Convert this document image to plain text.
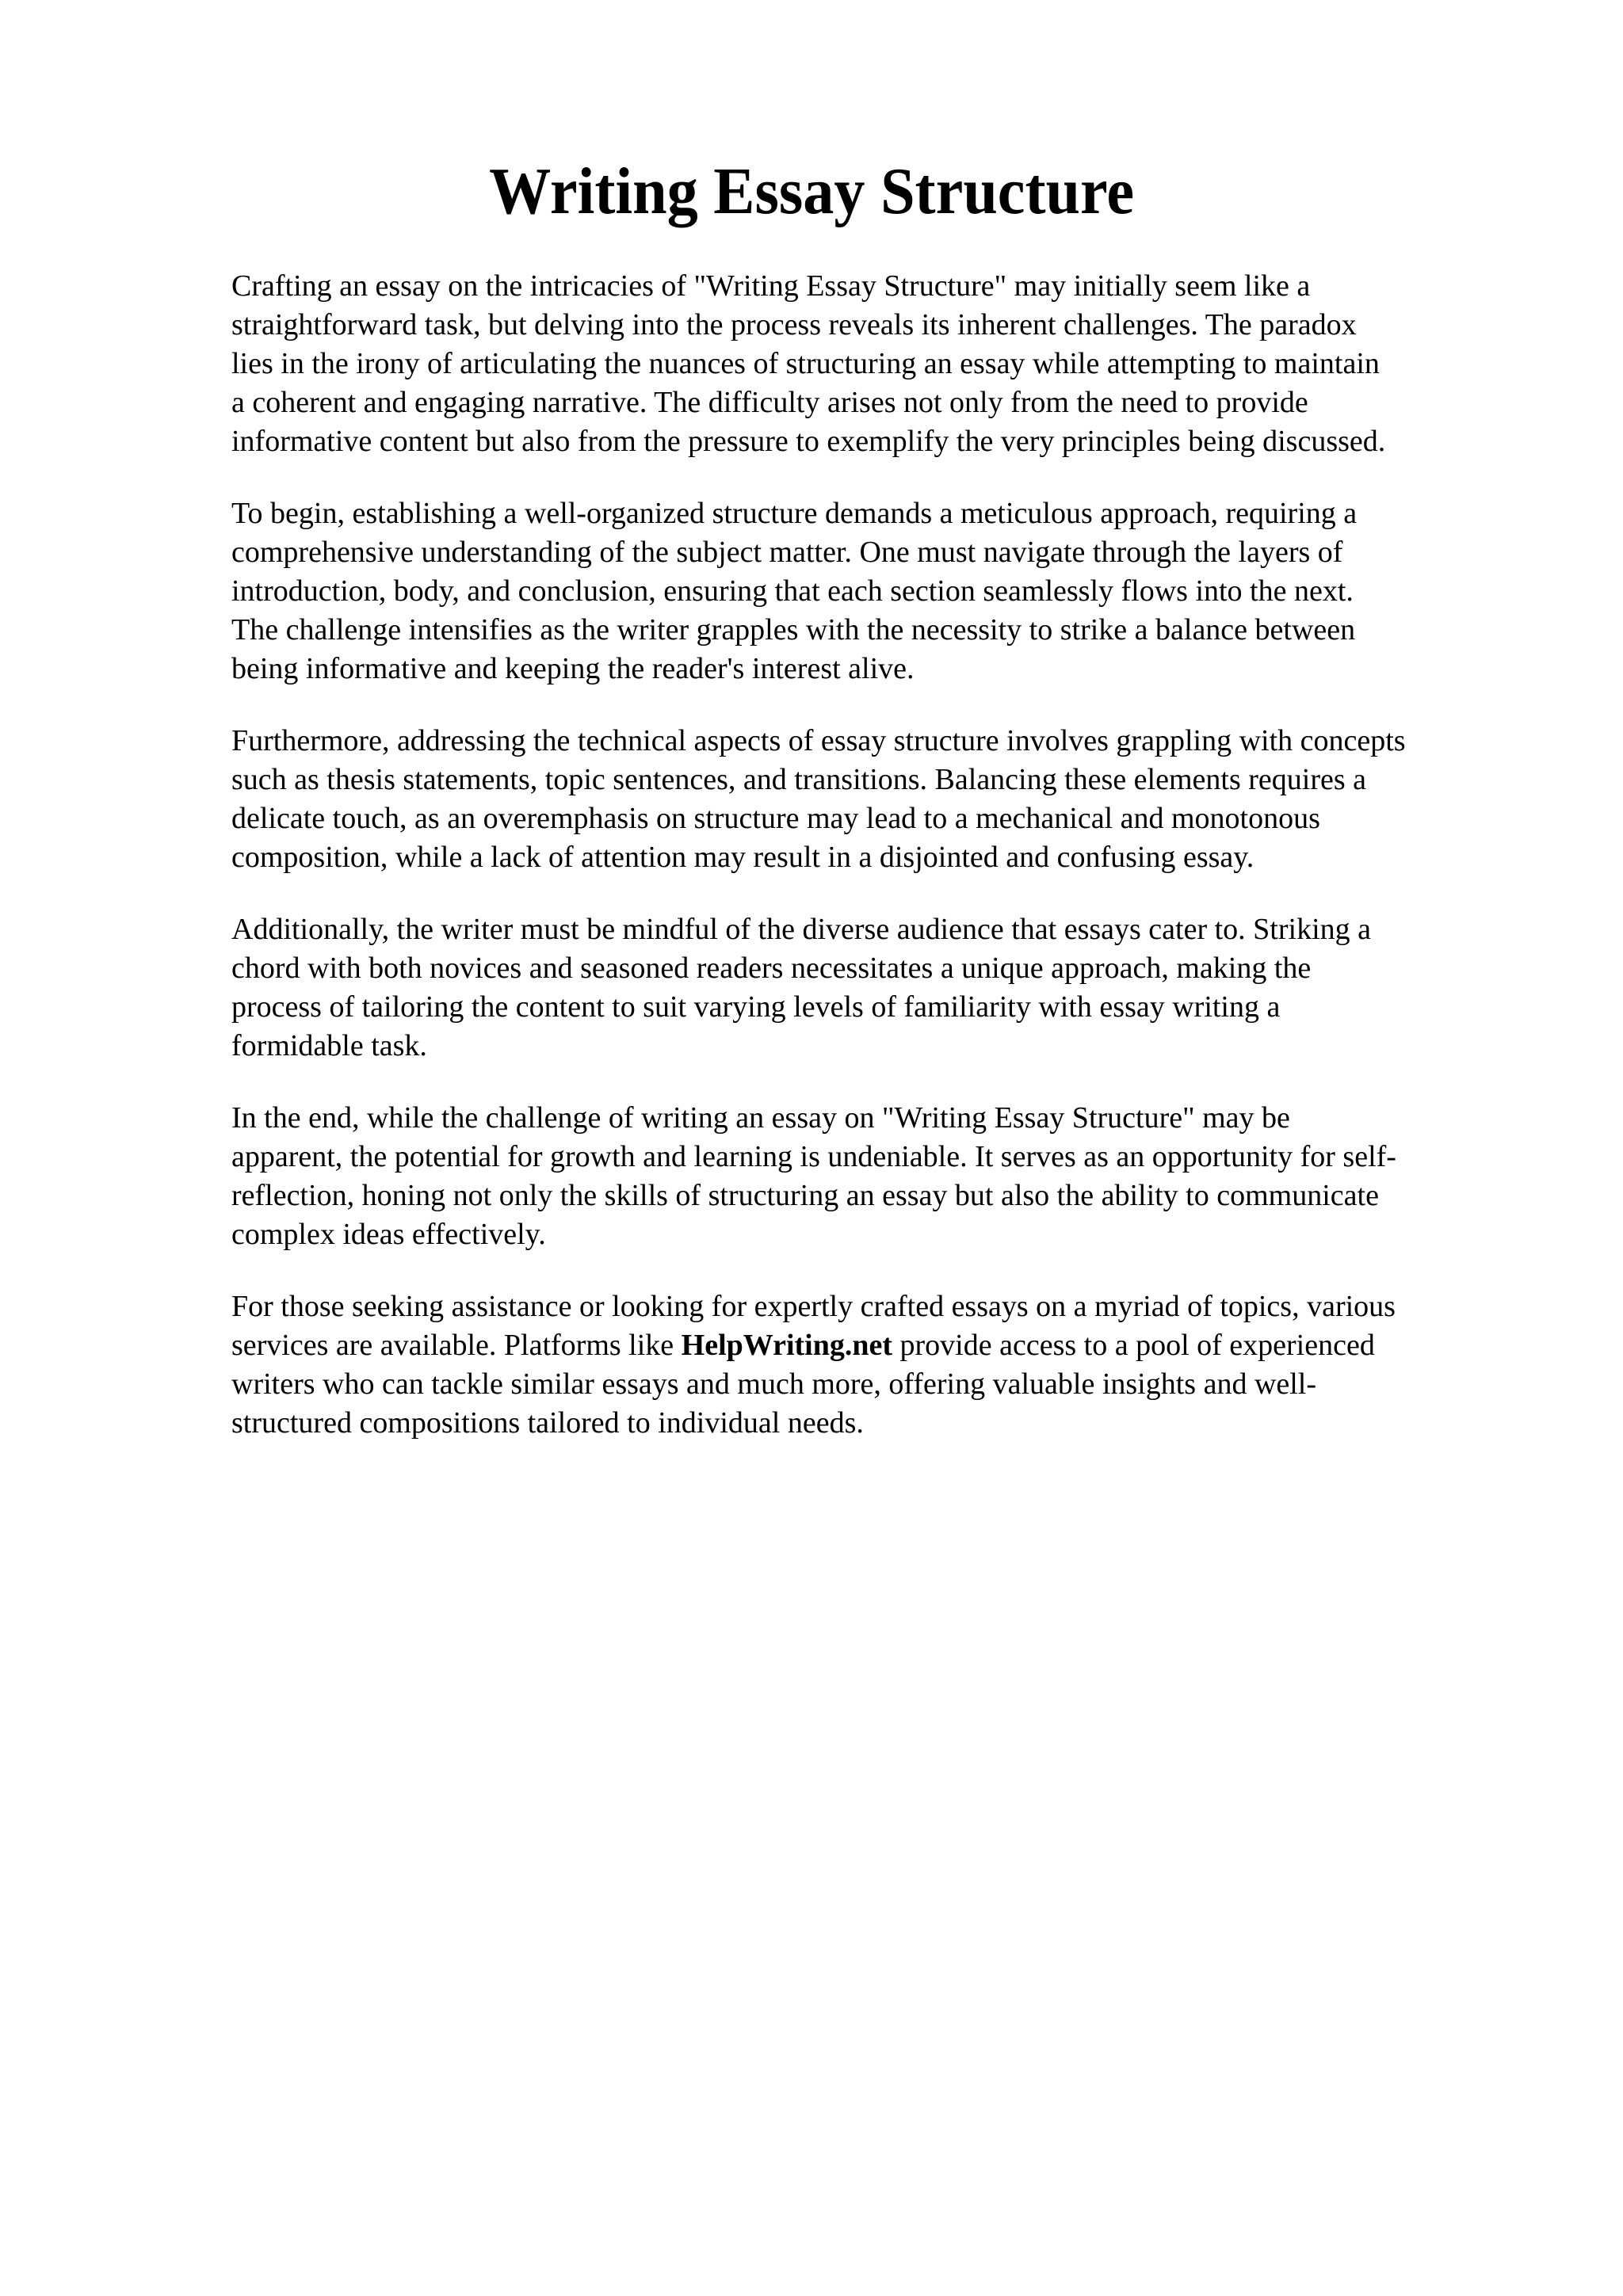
Writing Essay Structure

Crafting an essay on the intricacies of "Writing Essay Structure" may initially seem like a
straightforward task, but delving into the process reveals its inherent challenges. The paradox
lies in the irony of articulating the nuances of structuring an essay while attempting to maintain
a coherent and engaging narrative. The difficulty arises not only from the need to provide
informative content but also from the pressure to exemplify the very principles being discussed.

To begin, establishing a well-organized structure demands a meticulous approach, requiring a
comprehensive understanding of the subject matter. One must navigate through the layers of
introduction, body, and conclusion, ensuring that each section seamlessly flows into the next.
The challenge intensifies as the writer grapples with the necessity to strike a balance between
being informative and keeping the reader's interest alive.

Furthermore, addressing the technical aspects of essay structure involves grappling with concepts
such as thesis statements, topic sentences, and transitions. Balancing these elements requires a
delicate touch, as an overemphasis on structure may lead to a mechanical and monotonous
composition, while a lack of attention may result in a disjointed and confusing essay.

Additionally, the writer must be mindful of the diverse audience that essays cater to. Striking a
chord with both novices and seasoned readers necessitates a unique approach, making the
process of tailoring the content to suit varying levels of familiarity with essay writing a
formidable task.

In the end, while the challenge of writing an essay on "Writing Essay Structure" may be
apparent, the potential for growth and learning is undeniable. It serves as an opportunity for self-
reflection, honing not only the skills of structuring an essay but also the ability to communicate
complex ideas effectively.

For those seeking assistance or looking for expertly crafted essays on a myriad of topics, various
services are available. Platforms like HelpWriting.net provide access to a pool of experienced
writers who can tackle similar essays and much more, offering valuable insights and well-
structured compositions tailored to individual needs.
